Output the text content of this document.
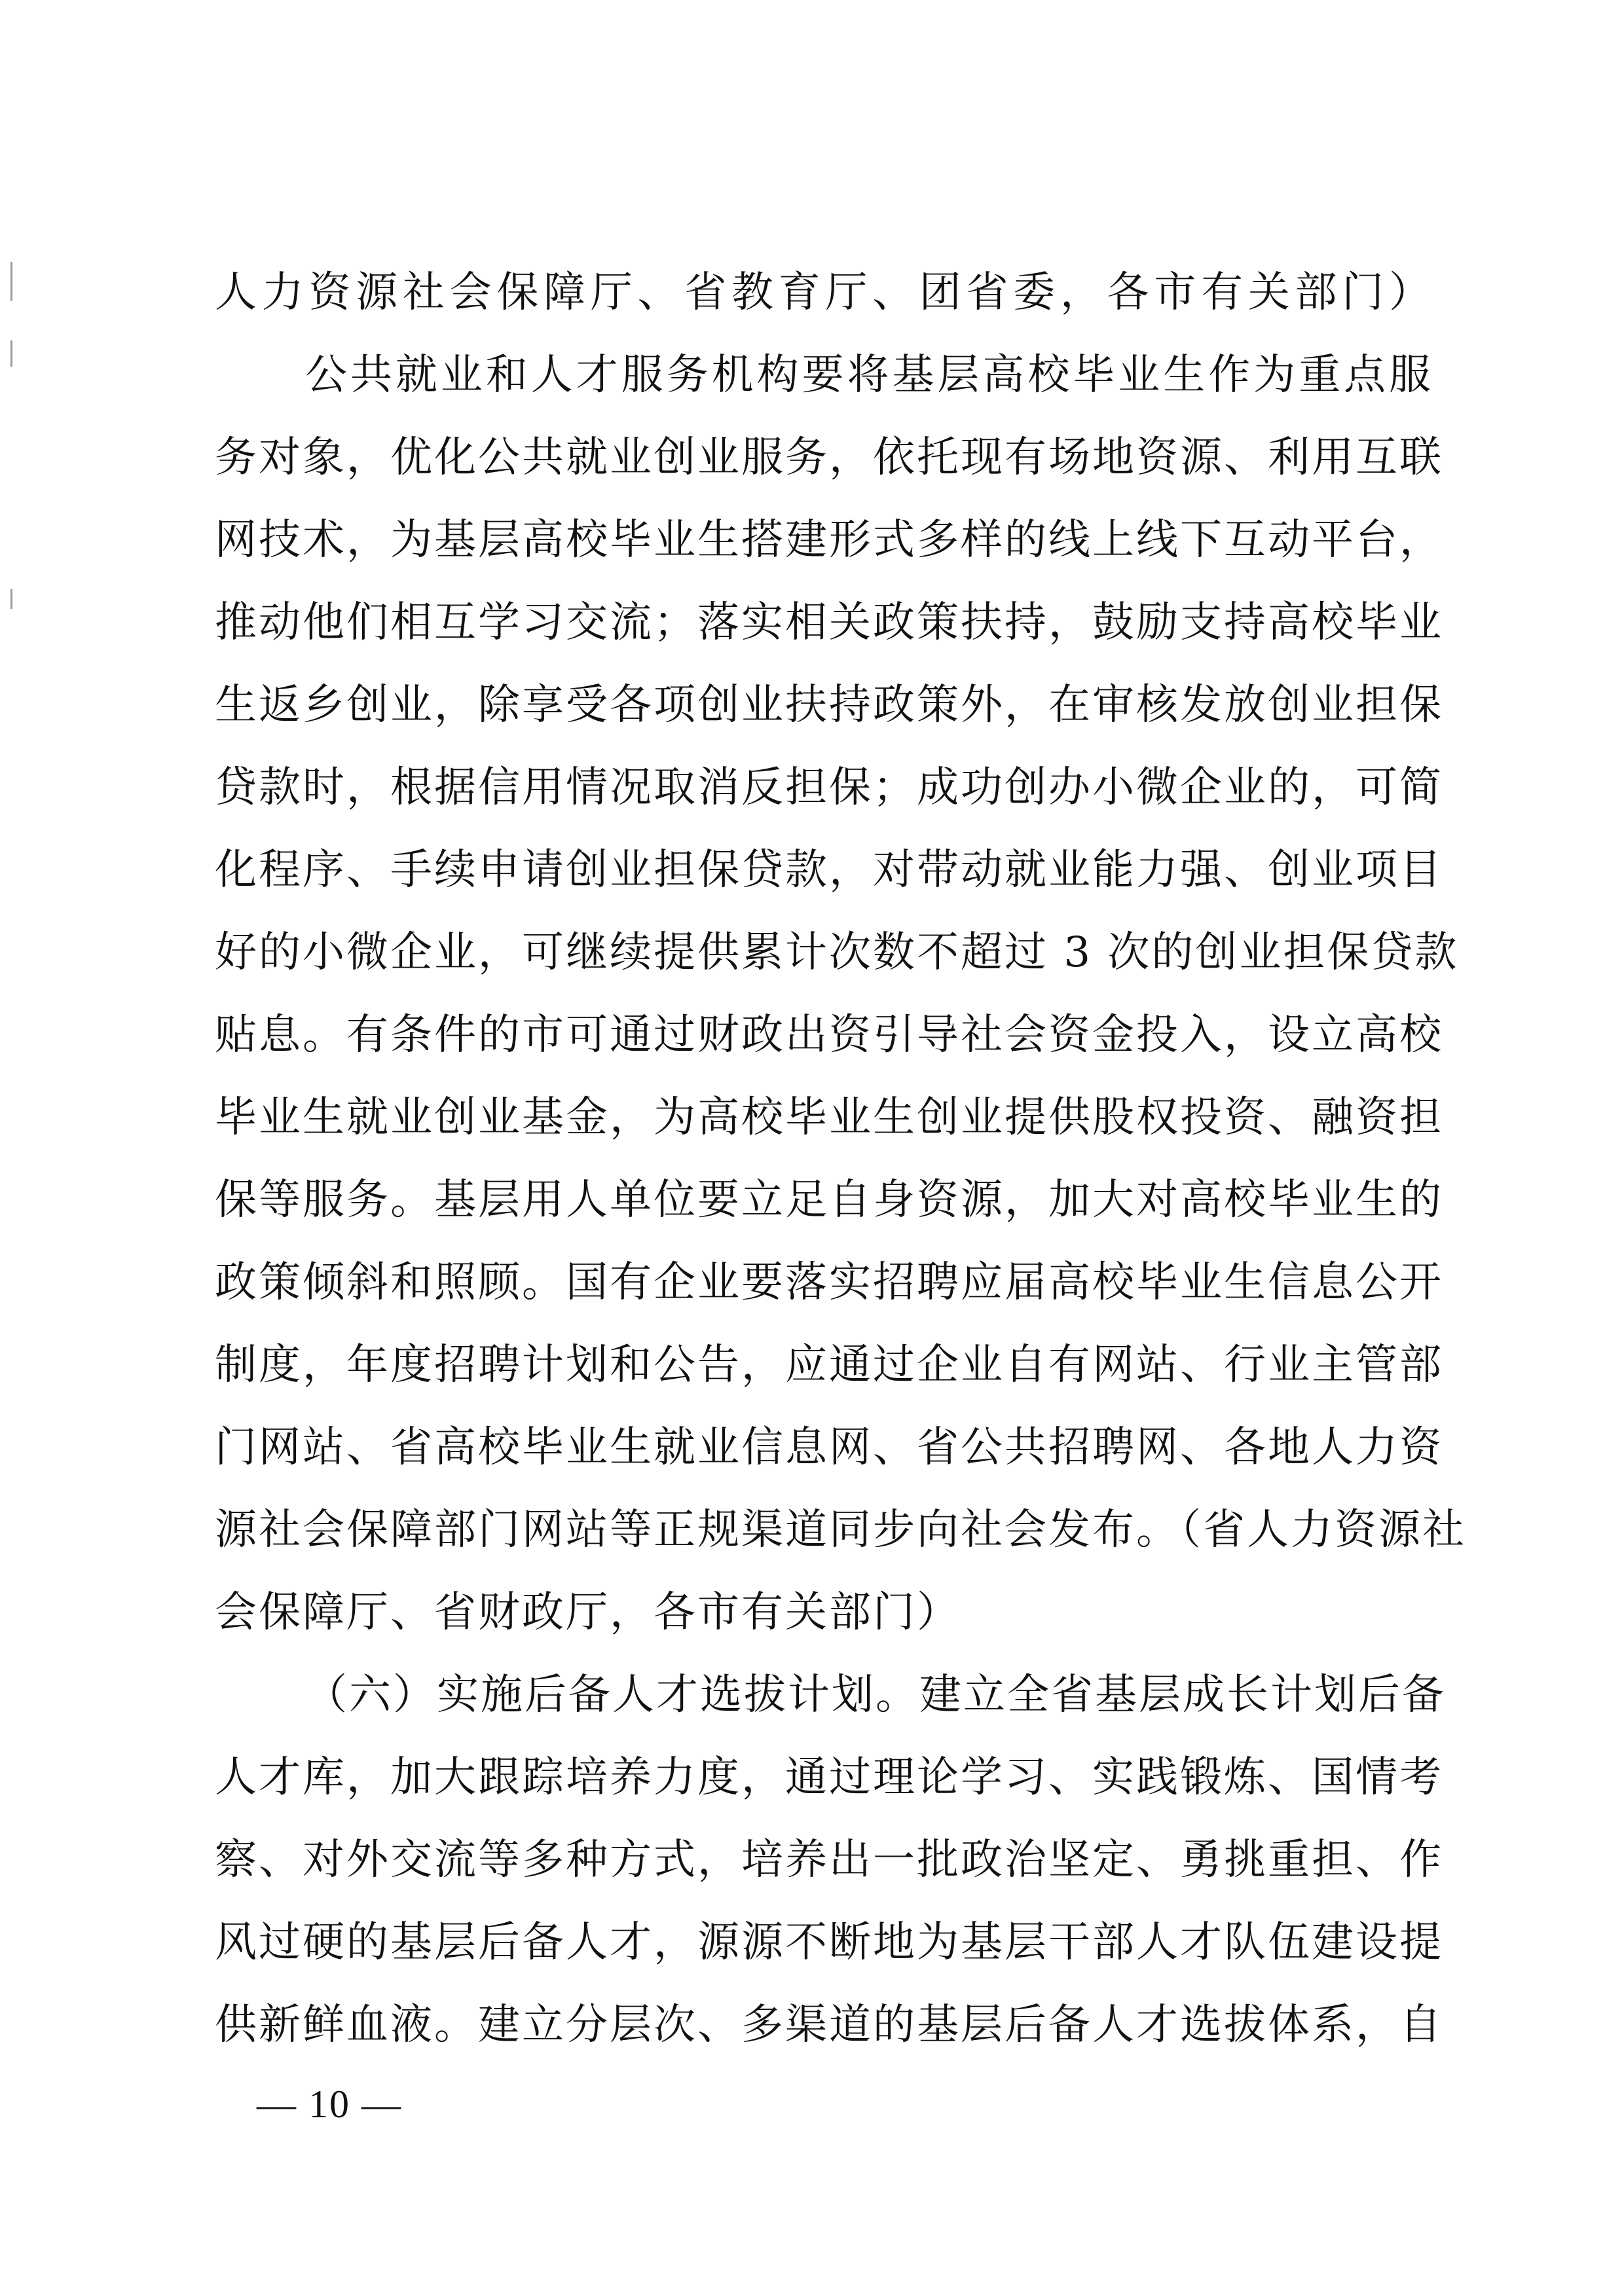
人力资源社会保障厅、省教育厅、团省委，各市有关部门）
公共就业和人才服务机构要将基层高校毕业生作为重点服
务对象，优化公共就业创业服务，依托现有场地资源、利用互联
网技术，为基层高校毕业生搭建形式多样的线上线下互动平台，
推动他们相互学习交流；落实相关政策扶持，鼓励支持高校毕业
生返乡创业，除享受各项创业扶持政策外，在审核发放创业担保
贷款时，根据信用情况取消反担保；成功创办小微企业的，可简
化程序、手续申请创业担保贷款，对带动就业能力强、创业项目
好的小微企业，可继续提供累计次数不超过 3 次的创业担保贷款
贴息。有条件的市可通过财政出资引导社会资金投入，设立高校
毕业生就业创业基金，为高校毕业生创业提供股权投资、融资担
保等服务。基层用人单位要立足自身资源，加大对高校毕业生的
政策倾斜和照顾。国有企业要落实招聘应届高校毕业生信息公开
制度，年度招聘计划和公告，应通过企业自有网站、行业主管部
门网站、省高校毕业生就业信息网、省公共招聘网、各地人力资
源社会保障部门网站等正规渠道同步向社会发布。（省人力资源社
会保障厅、省财政厅，各市有关部门）
（六）实施后备人才选拔计划。建立全省基层成长计划后备
人才库，加大跟踪培养力度，通过理论学习、实践锻炼、国情考
察、对外交流等多种方式，培养出一批政治坚定、勇挑重担、作
风过硬的基层后备人才，源源不断地为基层干部人才队伍建设提
供新鲜血液。建立分层次、多渠道的基层后备人才选拔体系，自
— 10 —
